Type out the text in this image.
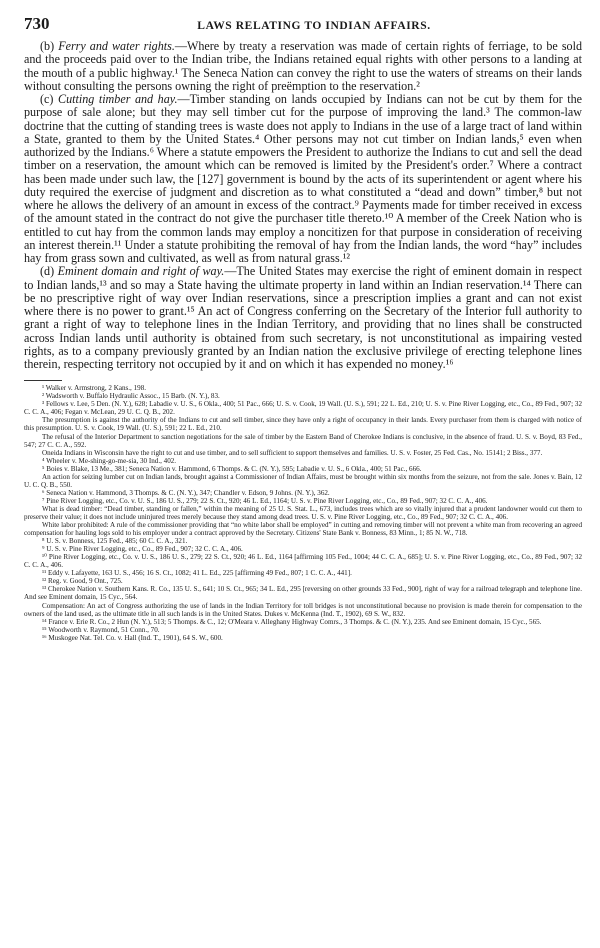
730	LAWS RELATING TO INDIAN AFFAIRS.

(b) Ferry and water rights.—Where by treaty a reservation was made of certain rights of ferriage, to be sold and the proceeds paid over to the Indian tribe, the Indians retained equal rights with other persons to a landing at the mouth of a public highway.¹ The Seneca Nation can convey the right to use the waters of streams on their lands without consulting the persons owning the right of preëmption to the reservation.²

(c) Cutting timber and hay.—Timber standing on lands occupied by Indians can not be cut by them for the purpose of sale alone; but they may sell timber cut for the purpose of improving the land.³ The common-law doctrine that the cutting of standing trees is waste does not apply to Indians in the use of a large tract of land within a State, granted to them by the United States.⁴ Other persons may not cut timber on Indian lands,⁵ even when authorized by the Indians.⁶ Where a statute empowers the President to authorize the Indians to cut and sell the dead timber on a reservation, the amount which can be removed is limited by the President's order.⁷ Where a contract has been made under such law, the [127] government is bound by the acts of its superintendent or agent where his duty required the exercise of judgment and discretion as to what constituted a “dead and down” timber,⁸ but not where he allows the delivery of an amount in excess of the contract.⁹ Payments made for timber received in excess of the amount stated in the contract do not give the purchaser title thereto.¹⁰ A member of the Creek Nation who is entitled to cut hay from the common lands may employ a noncitizen for that purpose in consideration of receiving an interest therein.¹¹ Under a statute prohibiting the removal of hay from the Indian lands, the word “hay” includes hay from grass sown and cultivated, as well as from natural grass.¹²

(d) Eminent domain and right of way.—The United States may exercise the right of eminent domain in respect to Indian lands,¹³ and so may a State having the ultimate property in land within an Indian reservation.¹⁴ There can be no prescriptive right of way over Indian reservations, since a prescription implies a grant and can not exist where there is no power to grant.¹⁵ An act of Congress conferring on the Secretary of the Interior full authority to grant a right of way to telephone lines in the Indian Territory, and providing that no lines shall be constructed across Indian lands until authority is obtained from such secretary, is not unconstitutional as impairing vested rights, as to a company previously granted by an Indian nation the exclusive privilege of erecting telephone lines therein, respecting territory not occupied by it and on which it has expended no money.¹⁶

¹ Walker v. Armstrong, 2 Kans., 198.

² Wadsworth v. Buffalo Hydraulic Assoc., 15 Barb. (N. Y.), 83.

³ Fellows v. Lee, 5 Den. (N. Y.), 628; Labadie v. U. S., 6 Okla., 400; 51 Pac., 666; U. S. v. Cook, 19 Wall. (U. S.), 591; 22 L. Ed., 210; U. S. v. Pine River Logging, etc., Co., 89 Fed., 907; 32 C. C. A., 406; Fegan v. McLean, 29 U. C. Q. B., 202.

The presumption is against the authority of the Indians to cut and sell timber, since they have only a right of occupancy in their lands. Every purchaser from them is charged with notice of this presumption. U. S. v. Cook, 19 Wall. (U. S.), 591; 22 L. Ed., 210.

The refusal of the Interior Department to sanction negotiations for the sale of timber by the Eastern Band of Cherokee Indians is conclusive, in the absence of fraud. U. S. v. Boyd, 83 Fed., 547; 27 C. C. A., 592.

Oneida Indians in Wisconsin have the right to cut and use timber, and to sell sufficient to support themselves and families. U. S. v. Foster, 25 Fed. Cas., No. 15141; 2 Biss., 377.

⁴ Wheeler v. Me-shing-go-me-sia, 30 Ind., 402.

⁵ Boies v. Blake, 13 Me., 381; Seneca Nation v. Hammond, 6 Thomps. & C. (N. Y.), 595; Labadie v. U. S., 6 Okla., 400; 51 Pac., 666.

An action for seizing lumber cut on Indian lands, brought against a Commissioner of Indian Affairs, must be brought within six months from the seizure, not from the sale. Jones v. Bain, 12 U. C. Q. B., 550.

⁶ Seneca Nation v. Hammond, 3 Thomps. & C. (N. Y.), 347; Chandler v. Edson, 9 Johns. (N. Y.), 362.

⁷ Pine River Logging, etc., Co. v. U. S., 186 U. S., 279; 22 S. Ct., 920; 46 L. Ed., 1164; U. S. v. Pine River Logging, etc., Co., 89 Fed., 907; 32 C. C. A., 406.

What is dead timber: “Dead timber, standing or fallen,” within the meaning of 25 U. S. Stat. L., 673, includes trees which are so vitally injured that a prudent landowner would cut them to preserve their value; it does not include uninjured trees merely because they stand among dead trees. U. S. v. Pine River Logging, etc., Co., 89 Fed., 907; 32 C. C. A., 406.

White labor prohibited: A rule of the commissioner providing that “no white labor shall be employed” in cutting and removing timber will not prevent a white man from recovering an agreed compensation for hauling logs sold to his employer under a contract approved by the Secretary. Citizens' State Bank v. Bonness, 83 Minn., 1; 85 N. W., 718.

⁸ U. S. v. Bonness, 125 Fed., 485; 60 C. C. A., 321.

⁹ U. S. v. Pine River Logging, etc., Co., 89 Fed., 907; 32 C. C. A., 406.

¹⁰ Pine River Logging, etc., Co. v. U. S., 186 U. S., 279; 22 S. Ct., 920; 46 L. Ed., 1164 [affirming 105 Fed., 1004; 44 C. C. A., 685]; U. S. v. Pine River Logging, etc., Co., 89 Fed., 907; 32 C. C. A., 406.

¹¹ Eddy v. Lafayette, 163 U. S., 456; 16 S. Ct., 1082; 41 L. Ed., 225 [affirming 49 Fed., 807; 1 C. C. A., 441].

¹² Reg. v. Good, 9 Ont., 725.

¹³ Cherokee Nation v. Southern Kans. R. Co., 135 U. S., 641; 10 S. Ct., 965; 34 L. Ed., 295 [reversing on other grounds 33 Fed., 900], right of way for a railroad telegraph and telephone line. And see Eminent domain, 15 Cyc., 564.

Compensation: An act of Congress authorizing the use of lands in the Indian Territory for toll bridges is not unconstitutional because no provision is made therein for compensation to the owners of the land used, as the ultimate title in all such lands is in the United States. Dukes v. McKenna (Ind. T., 1902), 69 S. W., 832.

¹⁴ France v. Erie R. Co., 2 Hun (N. Y.), 513; 5 Thomps. & C., 12; O'Meara v. Alleghany Highway Comrs., 3 Thomps. & C. (N. Y.), 235. And see Eminent domain, 15 Cyc., 565.

¹⁵ Woodworth v. Raymond, 51 Conn., 70.

¹⁶ Muskogee Nat. Tel. Co. v. Hall (Ind. T., 1901), 64 S. W., 600.
